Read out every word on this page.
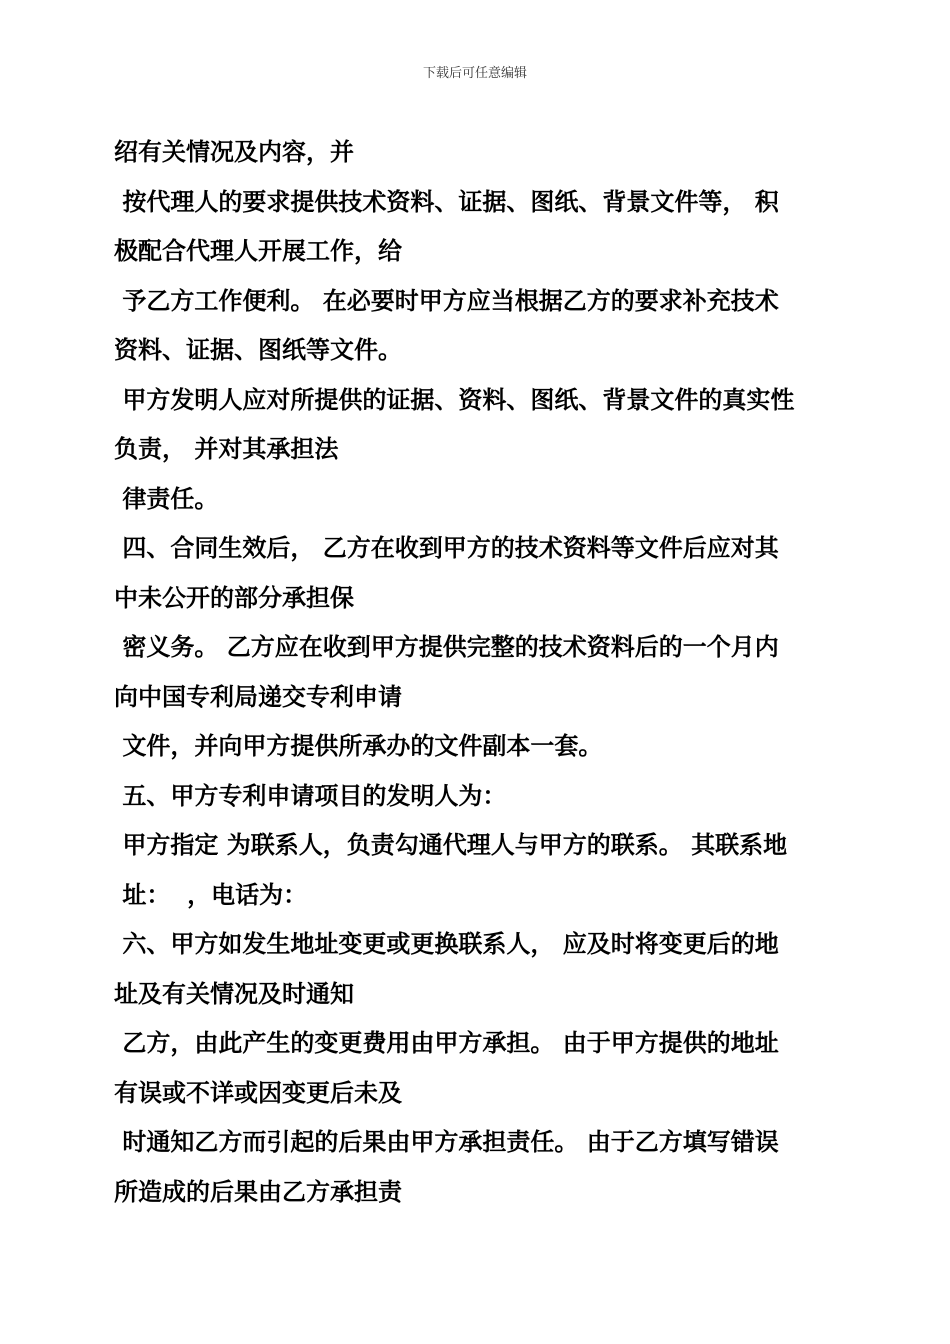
下载后可任意编辑
绍有关情况及内容，并
按代理人的要求提供技术资料、证据、图纸、背景文件等， 积
极配合代理人开展工作，给
予乙方工作便利。 在必要时甲方应当根据乙方的要求补充技术
资料、证据、图纸等文件。
甲方发明人应对所提供的证据、资料、图纸、背景文件的真实性
负责， 并对其承担法
律责任。
四、合同生效后， 乙方在收到甲方的技术资料等文件后应对其
中未公开的部分承担保
密义务。 乙方应在收到甲方提供完整的技术资料后的一个月内
向中国专利局递交专利申请
文件，并向甲方提供所承办的文件副本一套。
五、甲方专利申请项目的发明人为：
甲方指定 为联系人，负责勾通代理人与甲方的联系。 其联系地
址：  ，电话为：
六、甲方如发生地址变更或更换联系人， 应及时将变更后的地
址及有关情况及时通知
乙方，由此产生的变更费用由甲方承担。 由于甲方提供的地址
有误或不详或因变更后未及
时通知乙方而引起的后果由甲方承担责任。 由于乙方填写错误
所造成的后果由乙方承担责
